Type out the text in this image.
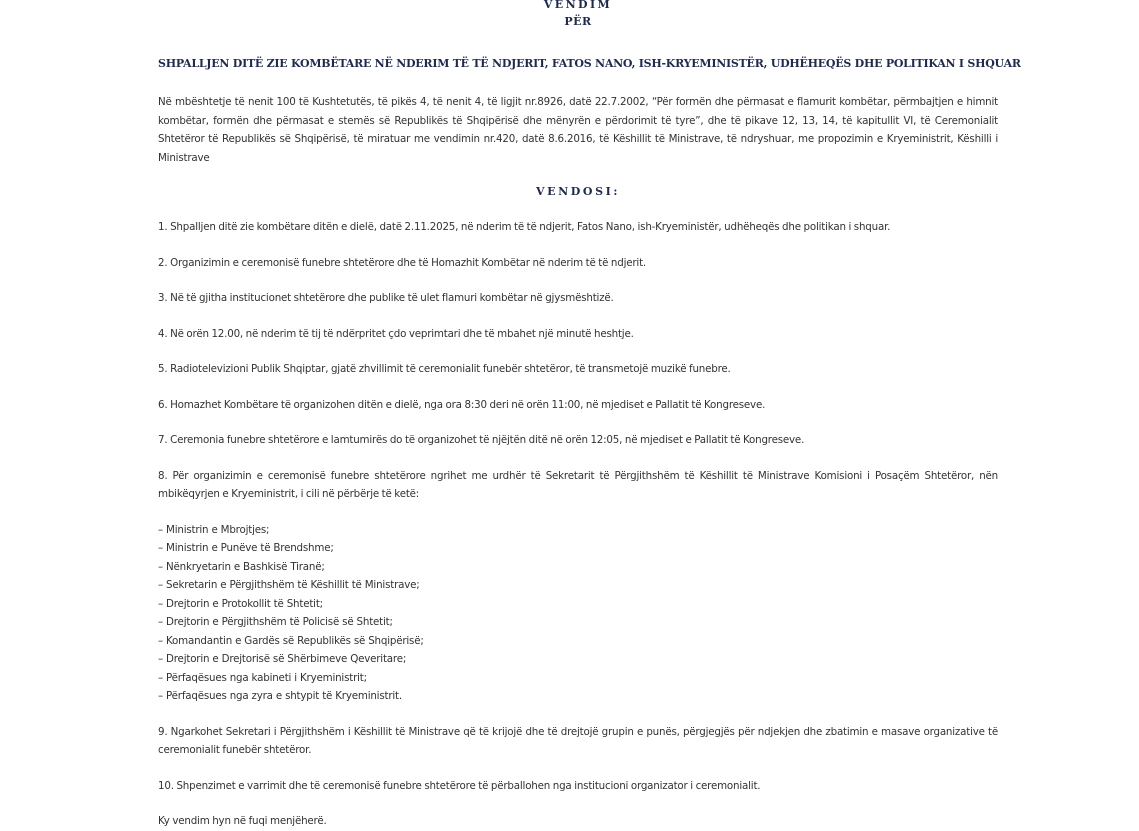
VENDIM
PËR
SHPALLJEN DITË ZIE KOMBËTARE NË NDERIM TË TË NDJERIT, FATOS NANO, ISH-KRYEMINISTËR, UDHËHEQËS DHE POLITIKAN I SHQUAR

Në mbështetje të nenit 100 të Kushtetutës, të pikës 4, të nenit 4, të ligjit nr.8926, datë 22.7.2002, “Për formën dhe përmasat e flamurit kombëtar, përmbajtjen e himnit kombëtar, formën dhe përmasat e stemës së Republikës të Shqipërisë dhe mënyrën e përdorimit të tyre”, dhe të pikave 12, 13, 14, të kapitullit VI, të Ceremonialit Shtetëror të Republikës së Shqipërisë, të miratuar me vendimin nr.420, datë 8.6.2016, të Këshillit të Ministrave, të ndryshuar, me propozimin e Kryeministrit, Këshilli i Ministrave

VENDOSI:

1. Shpalljen ditë zie kombëtare ditën e dielë, datë 2.11.2025, në nderim të të ndjerit, Fatos Nano, ish-Kryeministër, udhëheqës dhe politikan i shquar.

2. Organizimin e ceremonisë funebre shtetërore dhe të Homazhit Kombëtar në nderim të të ndjerit.

3. Në të gjitha institucionet shtetërore dhe publike të ulet flamuri kombëtar në gjysmështizë.

4. Në orën 12.00, në nderim të tij të ndërpritet çdo veprimtari dhe të mbahet një minutë heshtje.

5. Radiotelevizioni Publik Shqiptar, gjatë zhvillimit të ceremonialit funebër shtetëror, të transmetojë muzikë funebre.

6. Homazhet Kombëtare të organizohen ditën e dielë, nga ora 8:30 deri në orën 11:00, në mjediset e Pallatit të Kongreseve.

7. Ceremonia funebre shtetërore e lamtumirës do të organizohet të njëjtën ditë në orën 12:05, në mjediset e Pallatit të Kongreseve.

8. Për organizimin e ceremonisë funebre shtetërore ngrihet me urdhër të Sekretarit të Përgjithshëm të Këshillit të Ministrave Komisioni i Posaçëm Shtetëror, nën mbikëqyrjen e Kryeministrit, i cili në përbërje të ketë:

– Ministrin e Mbrojtjes;
– Ministrin e Punëve të Brendshme;
– Nënkryetarin e Bashkisë Tiranë;
– Sekretarin e Përgjithshëm të Këshillit të Ministrave;
– Drejtorin e Protokollit të Shtetit;
– Drejtorin e Përgjithshëm të Policisë së Shtetit;
– Komandantin e Gardës së Republikës së Shqipërisë;
– Drejtorin e Drejtorisë së Shërbimeve Qeveritare;
– Përfaqësues nga kabineti i Kryeministrit;
– Përfaqësues nga zyra e shtypit të Kryeministrit.

9. Ngarkohet Sekretari i Përgjithshëm i Këshillit të Ministrave që të krijojë dhe të drejtojë grupin e punës, përgjegjës për ndjekjen dhe zbatimin e masave organizative të ceremonialit funebër shtetëror.

10. Shpenzimet e varrimit dhe të ceremonisë funebre shtetërore të përballohen nga institucioni organizator i ceremonialit.

Ky vendim hyn në fuqi menjëherë.
